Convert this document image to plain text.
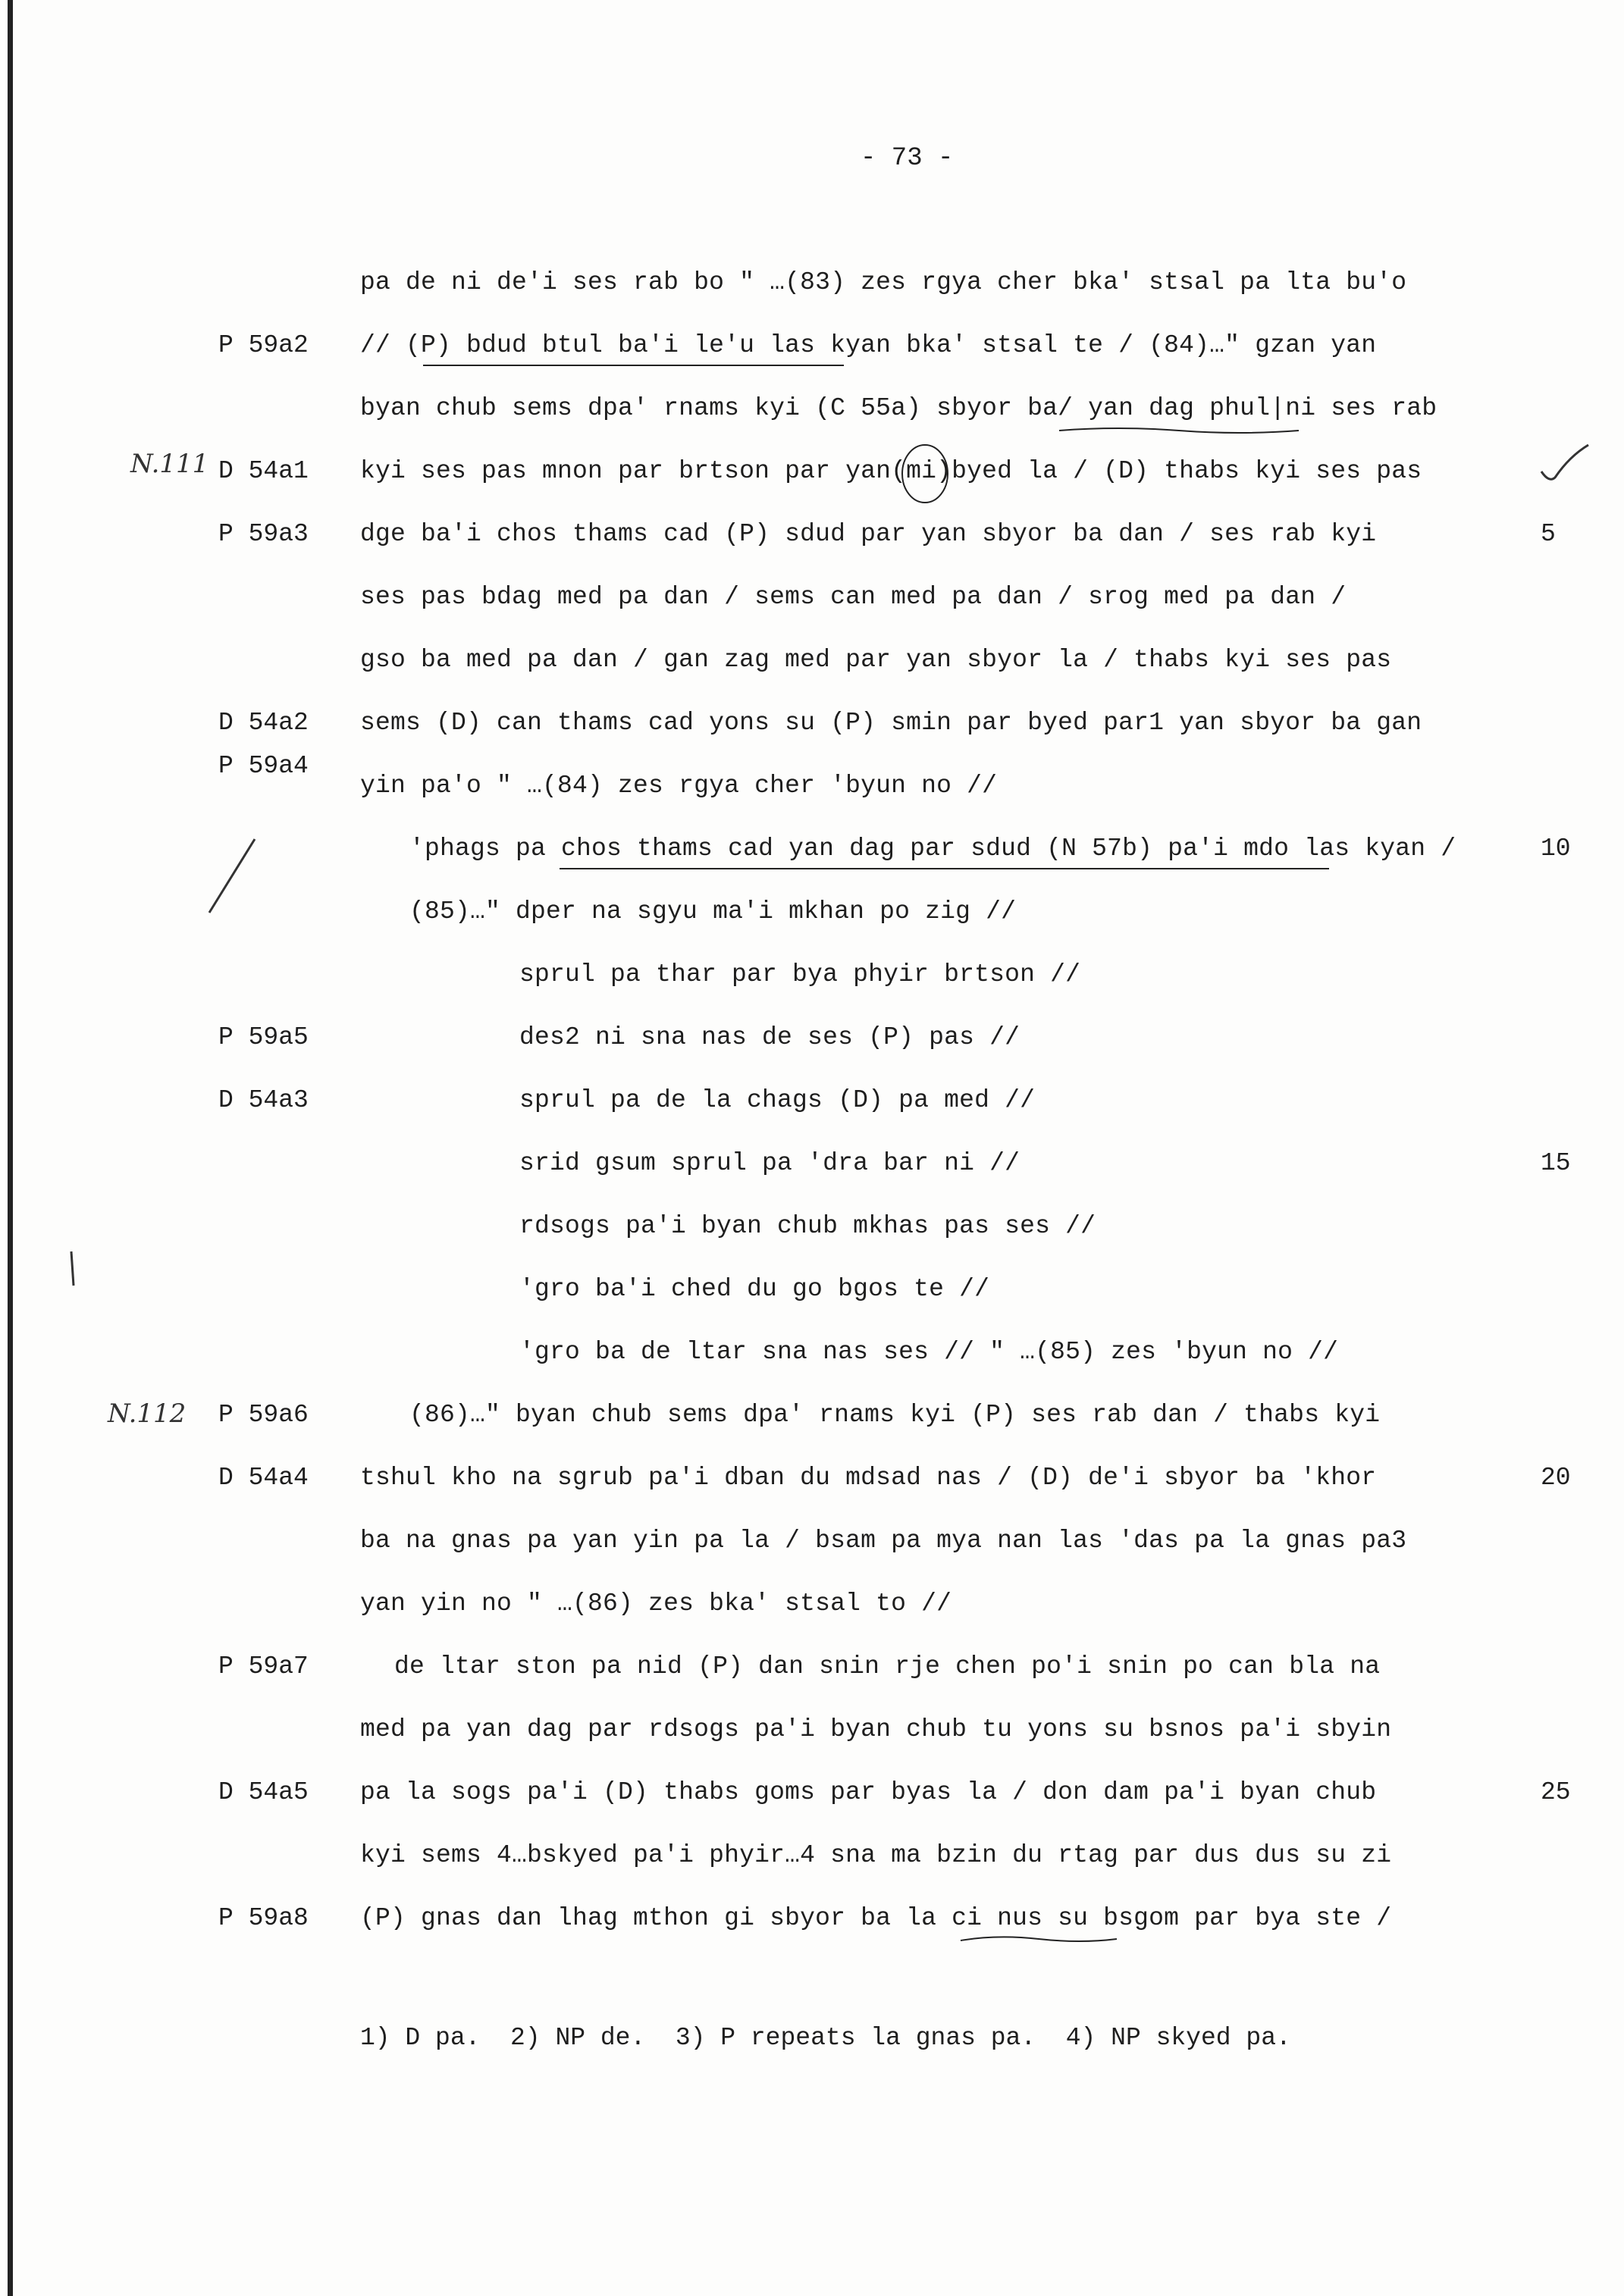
- 73 -
N.111
N.112
pa de ni de'i ses rab bo " …(83) zes rgya cher bka' stsal pa lta bu'o
P 59a2 // (P) bdud btul ba'i le'u las kyan bka' stsal te / (84)…" gzan yan
byan chub sems dpa' rnams kyi (C 55a) sbyor ba/ yan dag phul|ni ses rab
D 54a1 kyi ses pas mnon par brtson par yan(mi)byed la / (D) thabs kyi ses pas
P 59a3 dge ba'i chos thams cad (P) sdud par yan sbyor ba dan / ses rab kyi	5
ses pas bdag med pa dan / sems can med pa dan / srog med pa dan /
gso ba med pa dan / gan zag med par yan sbyor la / thabs kyi ses pas
D 54a2 sems (D) can thams cad yons su (P) smin par byed par1 yan sbyor ba gan
P 59a4
yin pa'o " …(84) zes rgya cher 'byun no //
'phags pa chos thams cad yan dag par sdud (N 57b) pa'i mdo las kyan /	10
(85)…" dper na sgyu ma'i mkhan po zig //
sprul pa thar par bya phyir brtson //
P 59a5	des2 ni sna nas de ses (P) pas //
D 54a3	sprul pa de la chags (D) pa med //
srid gsum sprul pa 'dra bar ni //	15
rdsogs pa'i byan chub mkhas pas ses //
'gro ba'i ched du go bgos te //
'gro ba de ltar sna nas ses // " …(85) zes 'byun no //
P 59a6	(86)…" byan chub sems dpa' rnams kyi (P) ses rab dan / thabs kyi
D 54a4 tshul kho na sgrub pa'i dban du mdsad nas / (D) de'i sbyor ba 'khor	20
ba na gnas pa yan yin pa la / bsam pa mya nan las 'das pa la gnas pa3
yan yin no " …(86) zes bka' stsal to //
P 59a7	de ltar ston pa nid (P) dan snin rje chen po'i snin po can bla na
med pa yan dag par rdsogs pa'i byan chub tu yons su bsnos pa'i sbyin
D 54a5 pa la sogs pa'i (D) thabs goms par byas la / don dam pa'i byan chub	25
kyi sems 4…bskyed pa'i phyir…4 sna ma bzin du rtag par dus dus su zi
P 59a8 (P) gnas dan lhag mthon gi sbyor ba la ci nus su bsgom par bya ste /
1) D pa.  2) NP de.  3) P repeats la gnas pa.  4) NP skyed pa.
